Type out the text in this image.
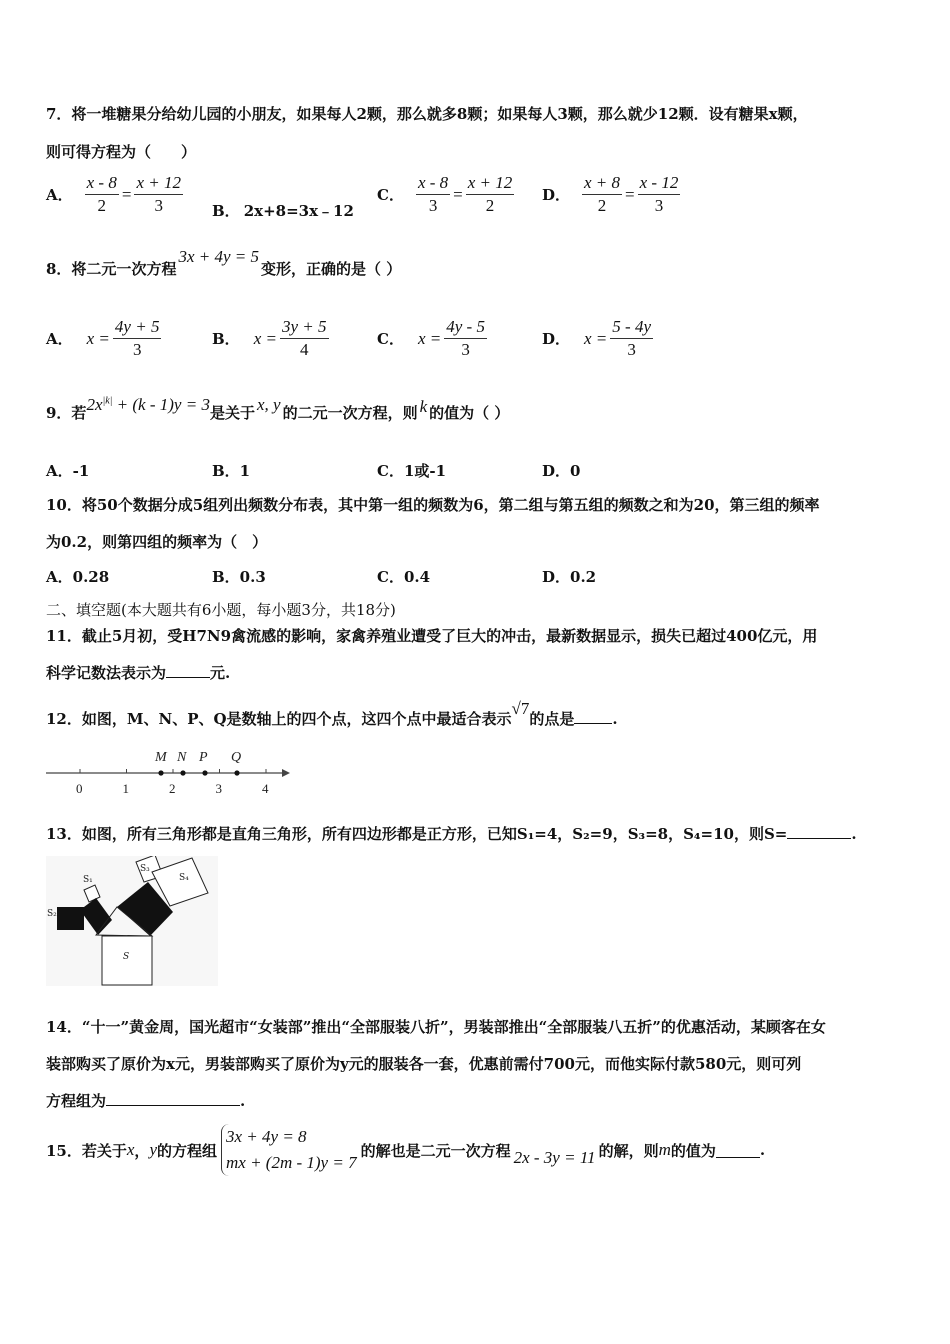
7．将一堆糖果分给幼儿园的小朋友，如果每人2颗，那么就多8颗；如果每人3颗，那么就少12颗．设有糖果x颗，
则可得方程为（　　）
A． $\frac{x - 8}{2} = \frac{x + 12}{3}$ B． 2x+8=3x﹣12
C． $\frac{x - 8}{3} = \frac{x + 12}{2}$ D． $\frac{x + 8}{2} = \frac{x - 12}{3}$
8．将二元一次方程3x + 4y = 5变形，正确的是（ ）
A． $x = \frac{4y + 5}{3}$	B． $x = \frac{3y + 5}{4}$	C． $x = \frac{4y - 5}{3}$	D． $x = \frac{5 - 4y}{3}$
9．若$2x^{|k|} + (k - 1)y = 3$是关于 x, y 的二元一次方程，则 k 的值为（ ）
A．-1	B．1	C．1或-1	D．0
10．将50个数据分成5组列出频数分布表，其中第一组的频数为6，第二组与第五组的频数之和为20，第三组的频率
为0.2，则第四组的频率为（　）
A．0.28	B．0.3	C．0.4	D．0.2
二、填空题(本大题共有6小题，每小题3分，共18分)
11．截止5月初，受H7N9禽流感的影响，家禽养殖业遭受了巨大的冲击，最新数据显示，损失已超过400亿元，用
科学记数法表示为	元.
12．如图，M、N、P、Q是数轴上的四个点，这四个点中最适合表示√7的点是	.
0	1	2	3	4
M N P Q
13．如图，所有三角形都是直角三角形，所有四边形都是正方形，已知S₁=4，S₂=9，S₃=8，S₄=10，则S=	.
S₁
S₂
S₃
S₄
S
14．“十一”黄金周，国光超市“女装部”推出“全部服装八折”，男装部推出“全部服装八五折”的优惠活动，某顾客在女
装部购买了原价为x元，男装部购买了原价为y元的服装各一套，优惠前需付700元，而他实际付款580元，则可列
方程组为	.
15．若关于 x ， y 的方程组
3x + 4y = 8
mx + (2m - 1)y = 7
的解也是二元一次方程 2x - 3y = 11 的解，则 m 的值为	.
